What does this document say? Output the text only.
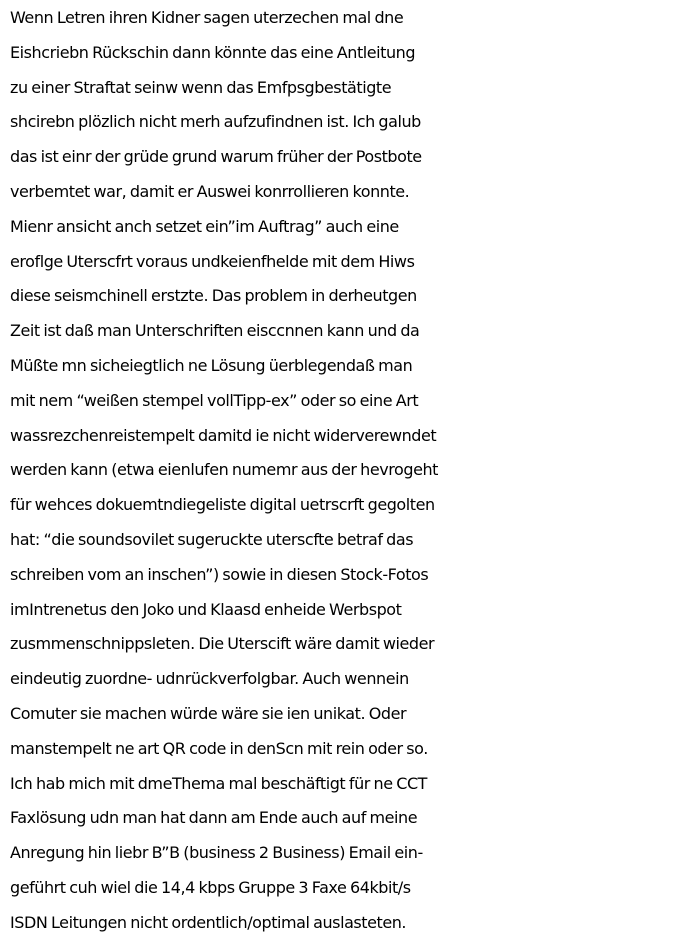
Wenn Letren ihren Kidner sagen uterzechen mal dne
Eishcriebn Rückschin dann könnte das eine Antleitung
zu einer Straftat seinw wenn das Emfpsgbestätigte
shcirebn plözlich nicht merh aufzufindnen ist. Ich galub
das ist einr der grüde grund warum früher der Postbote
verbemtet war, damit er Auswei konrrollieren konnte.
Mienr ansicht anch setzet ein”im Auftrag” auch eine
eroflge Uterscfrt voraus undkeienfhelde mit dem Hiws
diese seismchinell erstzte. Das problem in derheutgen
Zeit ist daß man Unterschriften eisccnnen kann und da
Müßte mn sicheiegtlich ne Lösung üerblegendaß man
mit nem “weißen stempel vollTipp-ex” oder so eine Art
wassrezchenreistempelt damitd ie nicht widerverewndet
werden kann (etwa eienlufen numemr aus der hevrogeht
für wehces dokuemtndiegeliste digital uetrscrft gegolten
hat: “die soundsovilet sugeruckte uterscfte betraf das
schreiben vom an inschen”) sowie in diesen Stock-Fotos
imIntrenetus den Joko und Klaasd enheide Werbspot
zusmmenschnippsleten. Die Uterscift wäre damit wieder
eindeutig zuordne- udnrückverfolgbar. Auch wennein
Comuter sie machen würde wäre sie ien unikat. Oder
manstempelt ne art QR code in denScn mit rein oder so.
Ich hab mich mit dmeThema mal beschäftigt für ne CCT
Faxlösung udn man hat dann am Ende auch auf meine
Anregung hin liebr B”B (business 2 Business) Email ein-
geführt cuh wiel die 14,4 kbps Gruppe 3 Faxe 64kbit/s
ISDN Leitungen nicht ordentlich/optimal auslasteten.
